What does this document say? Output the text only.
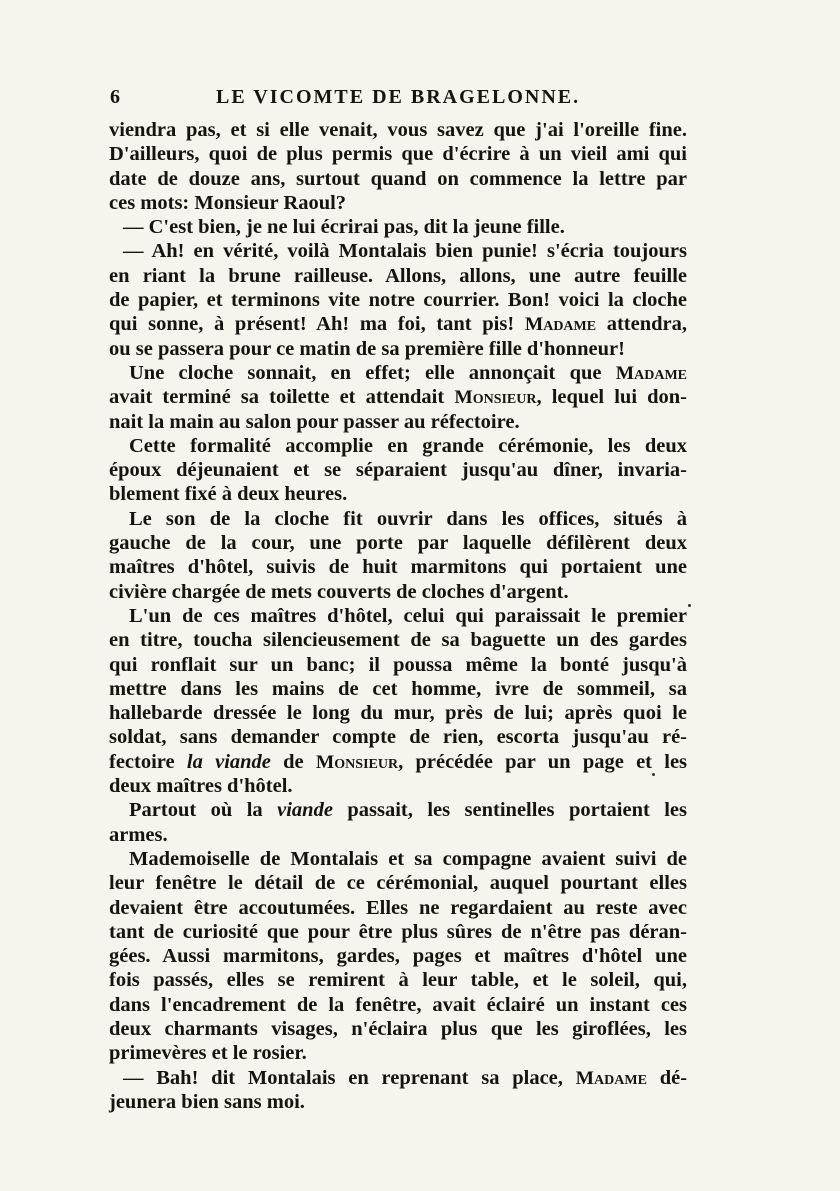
6	LE VICOMTE DE BRAGELONNE.
viendra pas, et si elle venait, vous savez que j'ai l'oreille fine.
D'ailleurs, quoi de plus permis que d'écrire à un vieil ami qui
date de douze ans, surtout quand on commence la lettre par
ces mots: Monsieur Raoul?
— C'est bien, je ne lui écrirai pas, dit la jeune fille.
— Ah! en vérité, voilà Montalais bien punie! s'écria toujours
en riant la brune railleuse. Allons, allons, une autre feuille
de papier, et terminons vite notre courrier. Bon! voici la cloche
qui sonne, à présent! Ah! ma foi, tant pis! Madame attendra,
ou se passera pour ce matin de sa première fille d'honneur!
Une cloche sonnait, en effet; elle annonçait que Madame
avait terminé sa toilette et attendait Monsieur, lequel lui don-
nait la main au salon pour passer au réfectoire.
Cette formalité accomplie en grande cérémonie, les deux
époux déjeunaient et se séparaient jusqu'au dîner, invaria-
blement fixé à deux heures.
Le son de la cloche fit ouvrir dans les offices, situés à
gauche de la cour, une porte par laquelle défilèrent deux
maîtres d'hôtel, suivis de huit marmitons qui portaient une
civière chargée de mets couverts de cloches d'argent.
L'un de ces maîtres d'hôtel, celui qui paraissait le premier
en titre, toucha silencieusement de sa baguette un des gardes
qui ronflait sur un banc; il poussa même la bonté jusqu'à
mettre dans les mains de cet homme, ivre de sommeil, sa
hallebarde dressée le long du mur, près de lui; après quoi le
soldat, sans demander compte de rien, escorta jusqu'au ré-
fectoire la viande de Monsieur, précédée par un page et les
deux maîtres d'hôtel.
Partout où la viande passait, les sentinelles portaient les
armes.
Mademoiselle de Montalais et sa compagne avaient suivi de
leur fenêtre le détail de ce cérémonial, auquel pourtant elles
devaient être accoutumées. Elles ne regardaient au reste avec
tant de curiosité que pour être plus sûres de n'être pas déran-
gées. Aussi marmitons, gardes, pages et maîtres d'hôtel une
fois passés, elles se remirent à leur table, et le soleil, qui,
dans l'encadrement de la fenêtre, avait éclairé un instant ces
deux charmants visages, n'éclaira plus que les giroflées, les
primevères et le rosier.
— Bah! dit Montalais en reprenant sa place, Madame dé-
jeunera bien sans moi.
